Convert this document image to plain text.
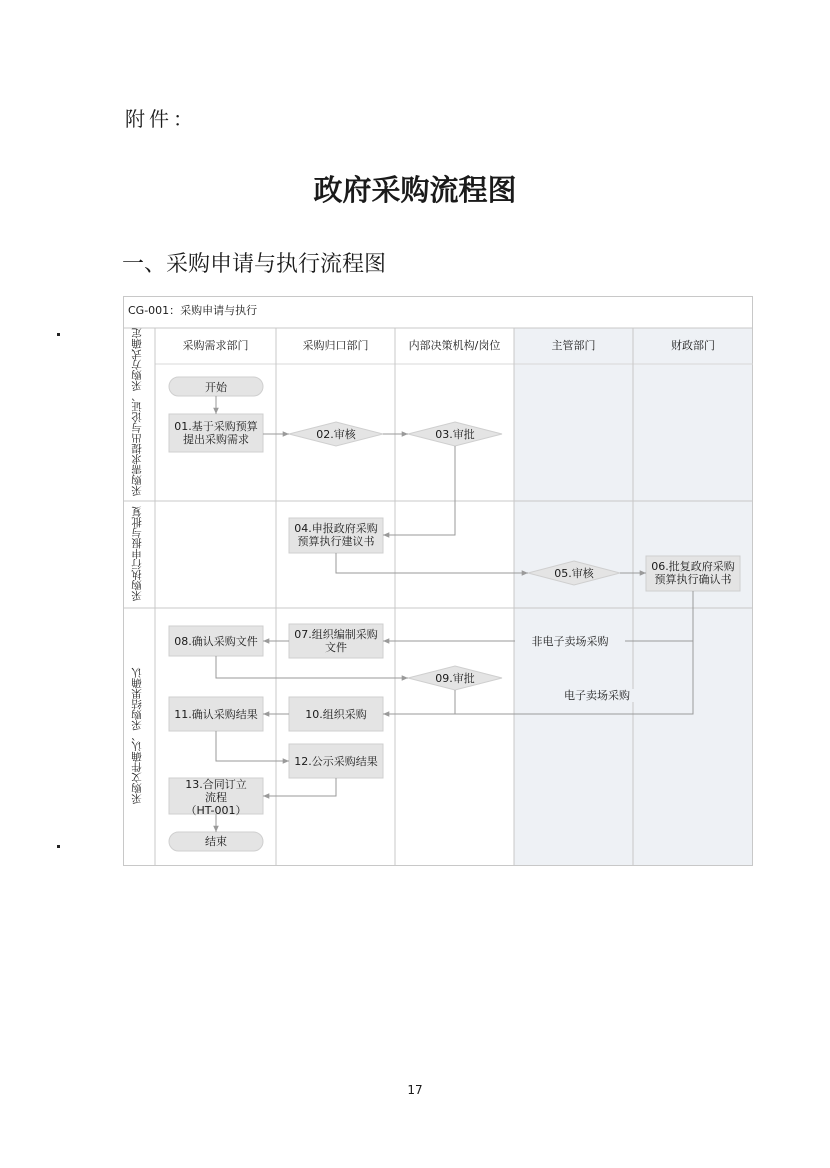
附件：
政府采购流程图
一、采购申请与执行流程图
CG-001：采购申请与执行
采购需求部门	采购归口部门	内部决策机构/岗位	主管部门	财政部门
采购需求提出与论证、采购方式确定
采购执行申报与批复
采购文件确认、采购结果确认
开始
01.基于采购预算
提出采购需求	02.审核	03.审批
04.申报政府采购
预算执行建议书
05.审核
06.批复政府采购
预算执行确认书
07.组织编制采购
文件
08.确认采购文件
09.审批
10.组织采购
11.确认采购结果
12.公示采购结果
13.合同订立
流程
（HT-001）
结束
非电子卖场采购
电子卖场采购
17
